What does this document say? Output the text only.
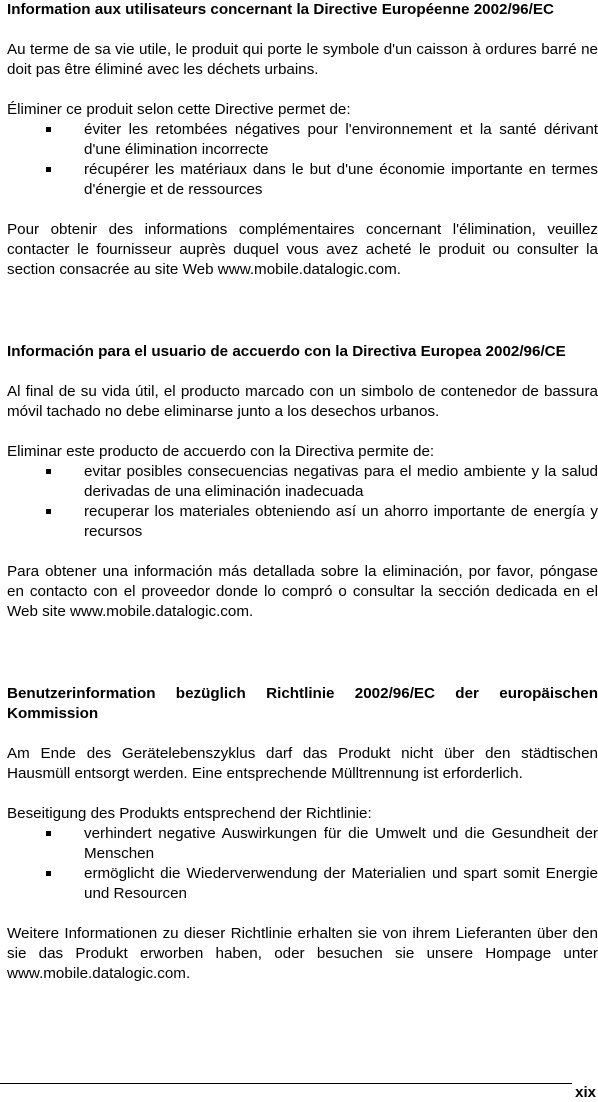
Information aux utilisateurs concernant la Directive Européenne 2002/96/EC

Au terme de sa vie utile, le produit qui porte le symbole d'un caisson à ordures barré ne doit pas être éliminé avec les déchets urbains.

Éliminer ce produit selon cette Directive permet de:

éviter les retombées négatives pour l'environnement et la santé dérivant d'une élimination incorrecte
récupérer les matériaux dans le but d'une économie importante en termes d'énergie et de ressources

Pour obtenir des informations complémentaires concernant l'élimination, veuillez contacter le fournisseur auprès duquel vous avez acheté le produit ou consulter la section consacrée au site Web www.mobile.datalogic.com.

Información para el usuario de accuerdo con la Directiva Europea 2002/96/CE

Al final de su vida útil, el producto marcado con un simbolo de contenedor de bassura móvil tachado no debe eliminarse junto a los desechos urbanos.

Eliminar este producto de accuerdo con la Directiva permite de:

evitar posibles consecuencias negativas para el medio ambiente y la salud derivadas de una eliminación inadecuada
recuperar los materiales obteniendo así un ahorro importante de energía y recursos

Para obtener una información más detallada sobre la eliminación, por favor, póngase en contacto con el proveedor donde lo compró o consultar la sección dedicada en el Web site www.mobile.datalogic.com.

Benutzerinformation bezüglich Richtlinie 2002/96/EC der europäischen Kommission

Am Ende des Gerätelebenszyklus darf das Produkt nicht über den städtischen Hausmüll entsorgt werden. Eine entsprechende Mülltrennung ist erforderlich.

Beseitigung des Produkts entsprechend der Richtlinie:

verhindert negative Auswirkungen für die Umwelt und die Gesundheit der Menschen
ermöglicht die Wiederverwendung der Materialien und spart somit Energie und Resourcen

Weitere Informationen zu dieser Richtlinie erhalten sie von ihrem Lieferanten über den sie das Produkt erworben haben, oder besuchen sie unsere Hompage unter www.mobile.datalogic.com.

xix
